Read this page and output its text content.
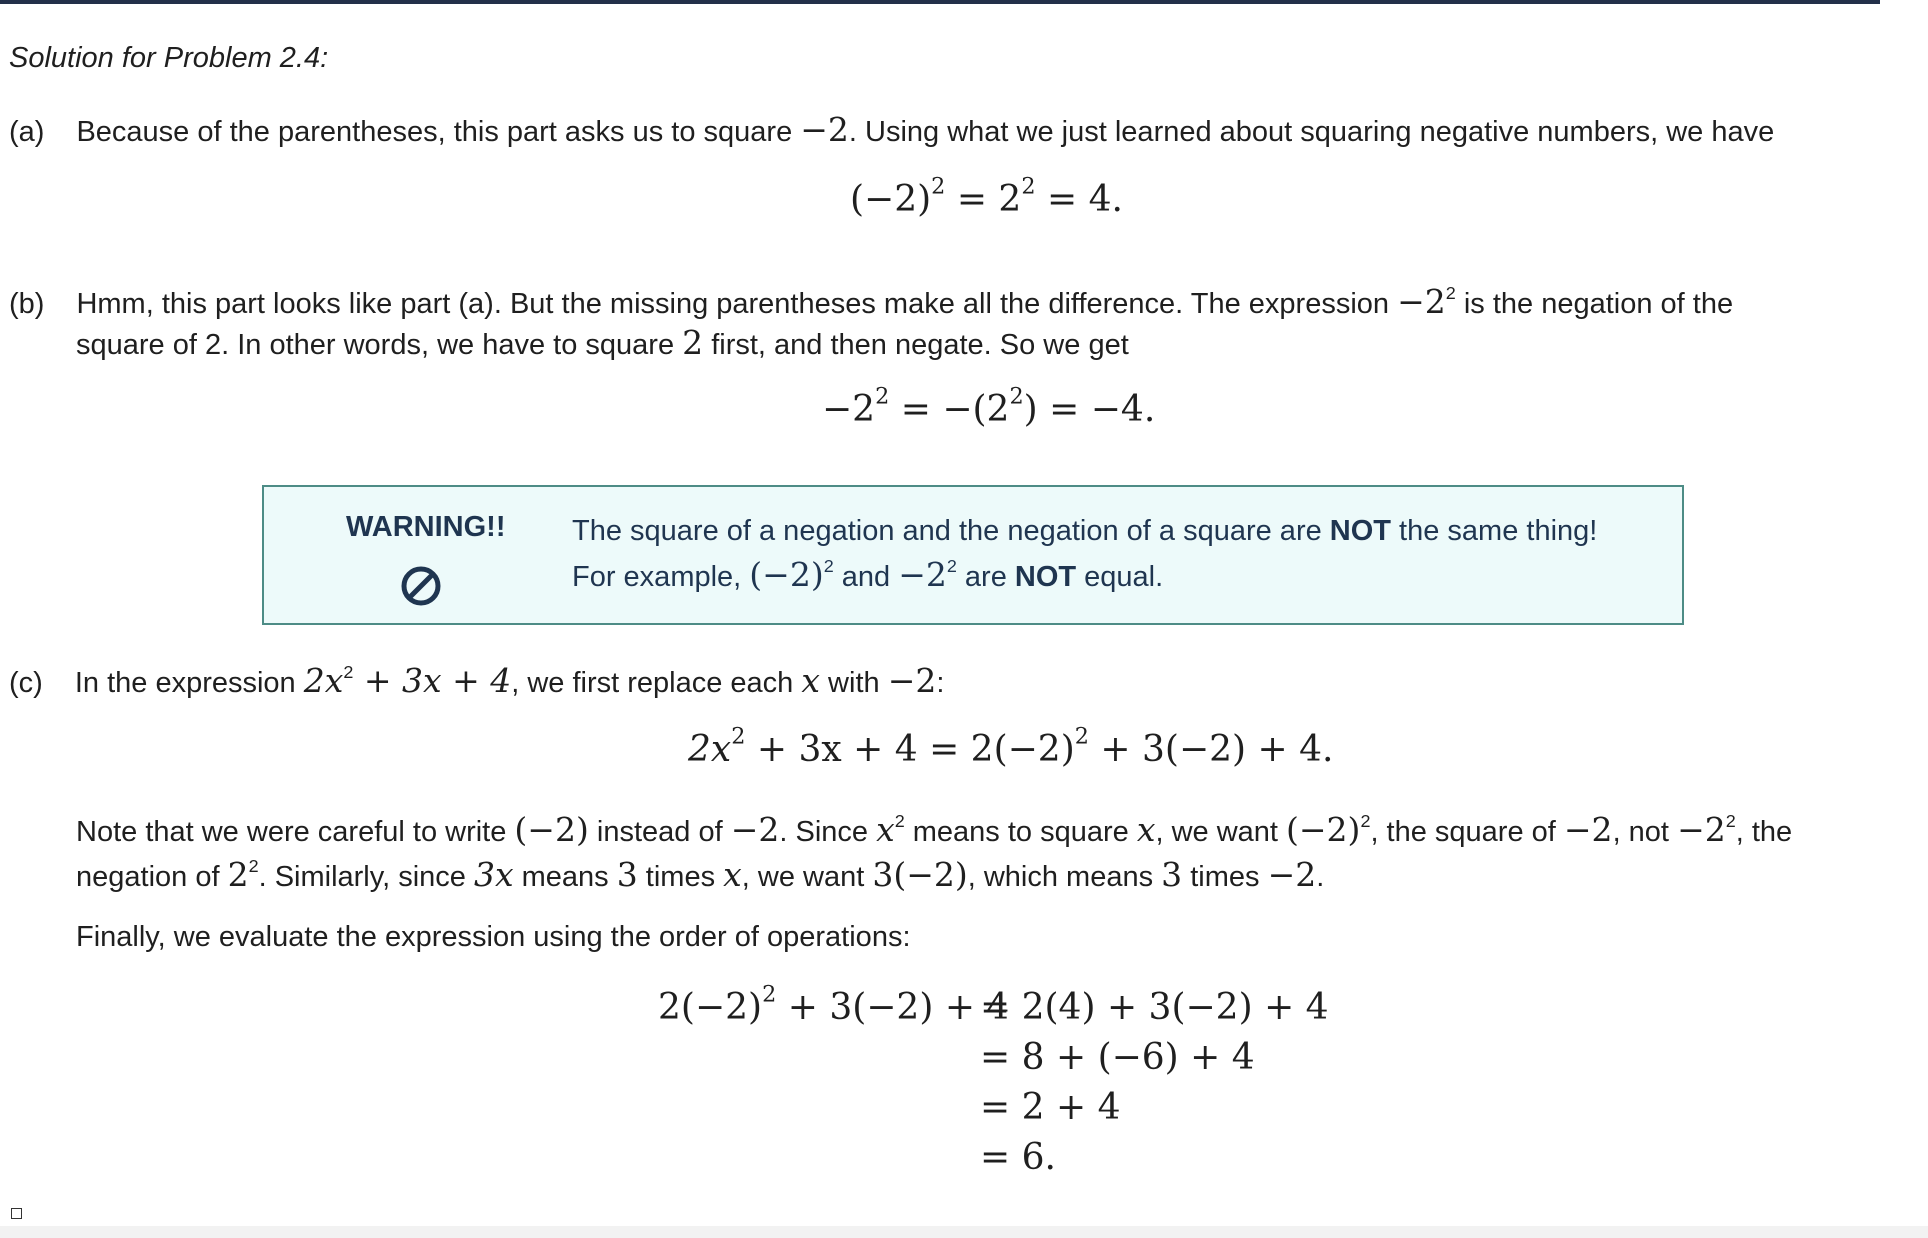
Solution for Problem 2.4:
(a) Because of the parentheses, this part asks us to square −2. Using what we just learned about squaring negative numbers, we have
$(-2)^2 = 2^2 = 4$.
(b) Hmm, this part looks like part (a). But the missing parentheses make all the difference. The expression $-2^2$ is the negation of the
square of 2. In other words, we have to square 2 first, and then negate. So we get
$-2^2 = -(2^2) = -4$.
WARNING!! The square of a negation and the negation of a square are NOT the same thing!
For example, $(-2)^2$ and $-2^2$ are NOT equal.
(c) In the expression $2x^2 + 3x + 4$, we first replace each x with −2:
$2x^2 + 3x + 4 = 2(-2)^2 + 3(-2) + 4$.
Note that we were careful to write (−2) instead of −2. Since $x^2$ means to square x, we want $(-2)^2$, the square of −2, not $-2^2$, the
negation of $2^2$. Similarly, since 3x means 3 times x, we want 3(−2), which means 3 times −2.
Finally, we evaluate the expression using the order of operations:
$2(-2)^2 + 3(-2) + 4$
= 2(4) + 3(−2) + 4
= 8 + (−6) + 4
= 2 + 4
= 6.
